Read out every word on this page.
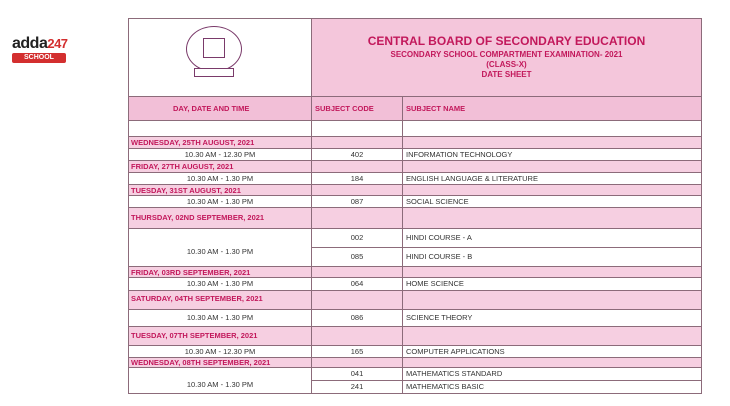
adda247
SCHOOL
CENTRAL BOARD OF SECONDARY EDUCATION
SECONDARY SCHOOL COMPARTMENT EXAMINATION- 2021
(CLASS-X)
DATE SHEET
DAY, DATE AND TIME	SUBJECT CODE	SUBJECT NAME
WEDNESDAY, 25TH AUGUST, 2021
10.30 AM - 12.30 PM	402	INFORMATION TECHNOLOGY
FRIDAY, 27TH AUGUST, 2021
10.30 AM - 1.30 PM	184	ENGLISH LANGUAGE & LITERATURE
TUESDAY, 31ST AUGUST, 2021
10.30 AM - 1.30 PM	087	SOCIAL SCIENCE
THURSDAY, 02ND SEPTEMBER, 2021
10.30 AM - 1.30 PM
002	HINDI COURSE - A
085	HINDI COURSE - B
FRIDAY, 03RD SEPTEMBER, 2021
10.30 AM - 1.30 PM	064	HOME SCIENCE
SATURDAY, 04TH SEPTEMBER, 2021
10.30 AM - 1.30 PM	086	SCIENCE THEORY
TUESDAY, 07TH SEPTEMBER, 2021
10.30 AM - 12.30 PM	165	COMPUTER APPLICATIONS
WEDNESDAY, 08TH SEPTEMBER, 2021
10.30 AM - 1.30 PM
041	MATHEMATICS STANDARD
241	MATHEMATICS BASIC
